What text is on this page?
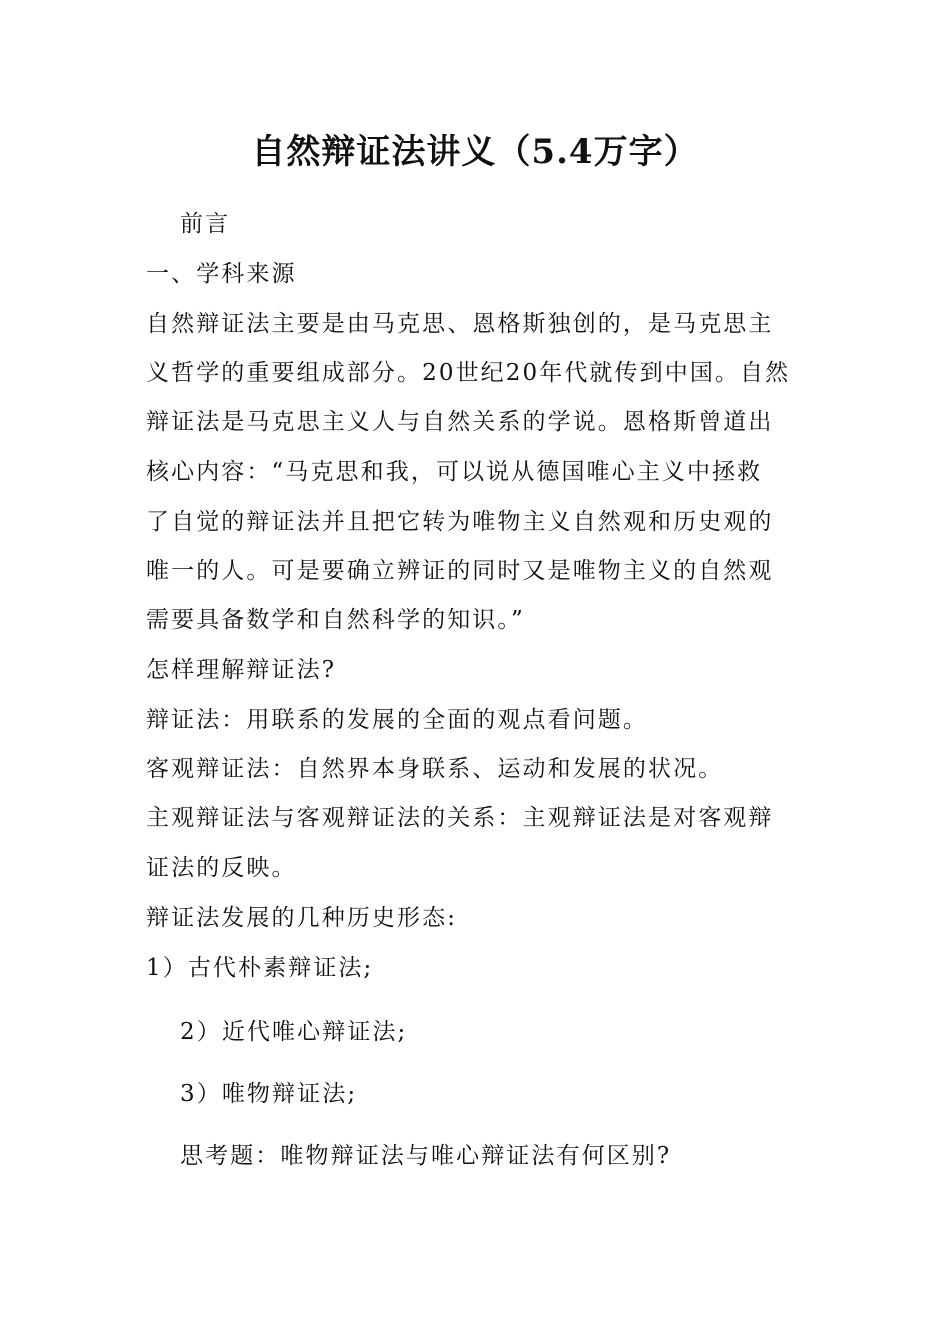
自然辩证法讲义（5.4万字）
前言
一、学科来源
自然辩证法主要是由马克思、恩格斯独创的，是马克思主
义哲学的重要组成部分。20世纪20年代就传到中国。自然
辩证法是马克思主义人与自然关系的学说。恩格斯曾道出
核心内容：“马克思和我，可以说从德国唯心主义中拯救
了自觉的辩证法并且把它转为唯物主义自然观和历史观的
唯一的人。可是要确立辨证的同时又是唯物主义的自然观
需要具备数学和自然科学的知识。”
怎样理解辩证法?
辩证法：用联系的发展的全面的观点看问题。
客观辩证法：自然界本身联系、运动和发展的状况。
主观辩证法与客观辩证法的关系：主观辩证法是对客观辩
证法的反映。
辩证法发展的几种历史形态:
1）古代朴素辩证法;
2）近代唯心辩证法;
3）唯物辩证法;
思考题：唯物辩证法与唯心辩证法有何区别?
